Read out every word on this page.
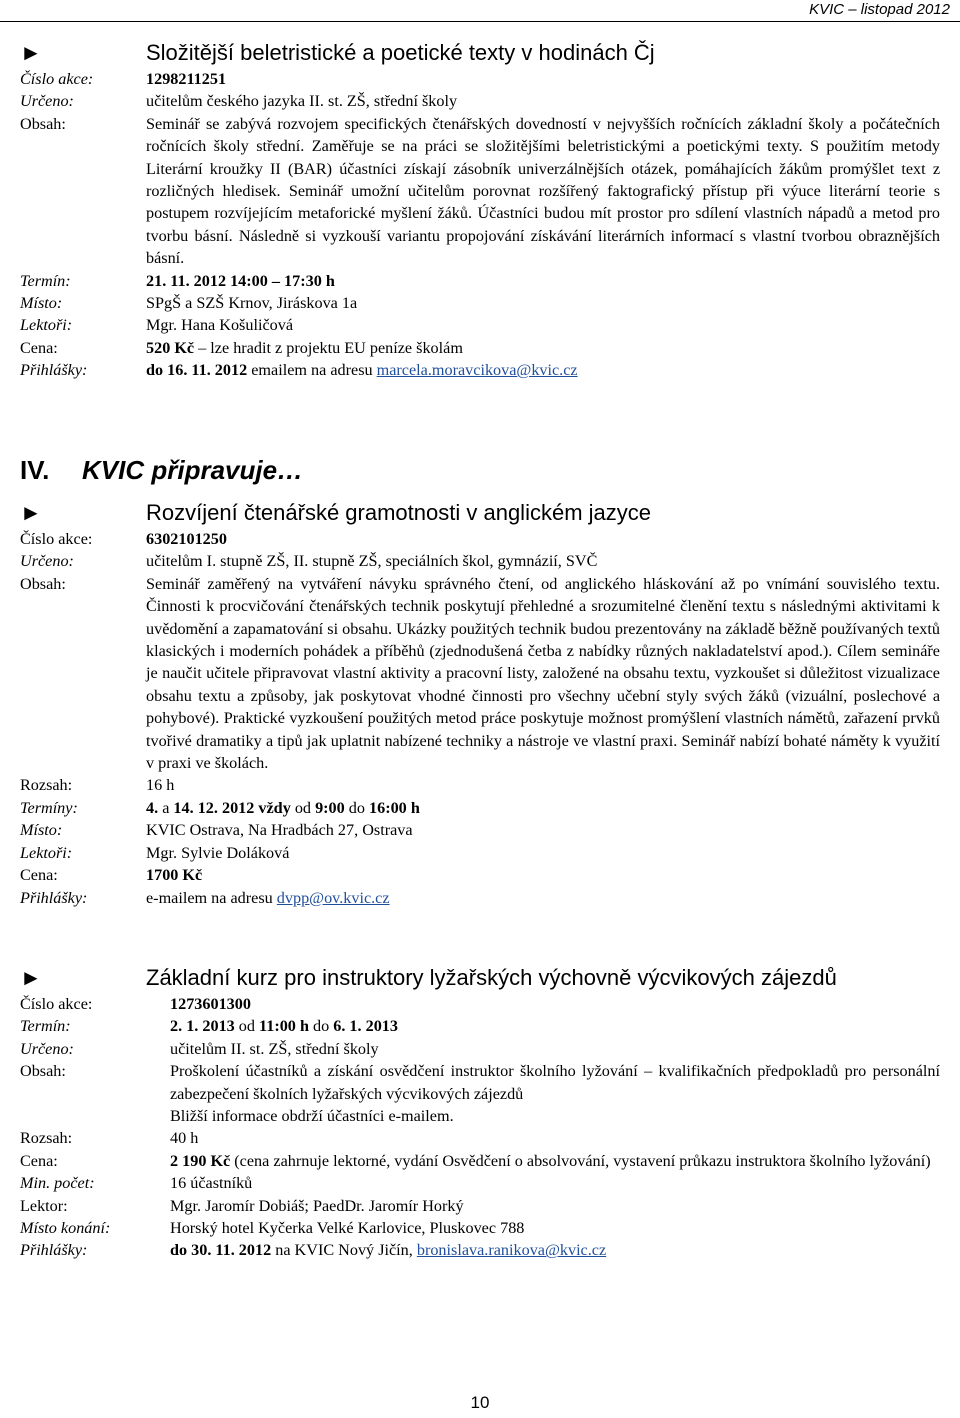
KVIC – listopad 2012
►	Složitější beletristické a poetické texty v hodinách Čj
Číslo akce:	1298211251
Určeno:	učitelům českého jazyka II. st. ZŠ, střední školy
Obsah:	Seminář se zabývá rozvojem specifických čtenářských dovedností v nejvyšších ročnících základní školy a počátečních ročnících školy střední. Zaměřuje se na práci se složitějšími beletristickými a poetickými texty. S použitím metody Literární kroužky II (BAR) účastníci získají zásobník univerzálnějších otázek, pomáhajících žákům promýšlet text z rozličných hledisek. Seminář umožní učitelům porovnat rozšířený faktografický přístup při výuce literární teorie s postupem rozvíjejícím metaforické myšlení žáků. Účastníci budou mít prostor pro sdílení vlastních nápadů a metod pro tvorbu básní. Následně si vyzkouší variantu propojování získávání literárních informací s vlastní tvorbou obraznějších básní.
Termín:	21. 11. 2012 14:00 – 17:30 h
Místo:	SPgŠ a SZŠ Krnov, Jiráskova 1a
Lektoři:	Mgr. Hana Košuličová
Cena:	520 Kč – lze hradit z projektu EU peníze školám
Přihlášky:	do 16. 11. 2012 emailem na adresu marcela.moravcikova@kvic.cz
IV.	KVIC připravuje…
►	Rozvíjení čtenářské gramotnosti v anglickém jazyce
Číslo akce:	6302101250
Určeno:	učitelům I. stupně ZŠ, II. stupně ZŠ, speciálních škol, gymnázií, SVČ
Obsah:	Seminář zaměřený na vytváření návyku správného čtení, od anglického hláskování až po vnímání souvislého textu. Činnosti k procvičování čtenářských technik poskytují přehledné a srozumitelné členění textu s následnými aktivitami k uvědomění a zapamatování si obsahu. Ukázky použitých technik budou prezentovány na základě běžně používaných textů klasických i moderních pohádek a příběhů (zjednodušená četba z nabídky různých nakladatelství apod.). Cílem semináře je naučit učitele připravovat vlastní aktivity a pracovní listy, založené na obsahu textu, vyzkoušet si důležitost vizualizace obsahu textu a způsoby, jak poskytovat vhodné činnosti pro všechny učební styly svých žáků (vizuální, poslechové a pohybové). Praktické vyzkoušení použitých metod práce poskytuje možnost promýšlení vlastních námětů, zařazení prvků tvořivé dramatiky a tipů jak uplatnit nabízené techniky a nástroje ve vlastní praxi. Seminář nabízí bohaté náměty k využití v praxi ve školách.
Rozsah:	16 h
Termíny:	4. a 14. 12. 2012 vždy od 9:00 do 16:00 h
Místo:	KVIC Ostrava, Na Hradbách 27, Ostrava
Lektoři:	Mgr. Sylvie Doláková
Cena:	1700 Kč
Přihlášky:	e-mailem na adresu dvpp@ov.kvic.cz
►	Základní kurz pro instruktory lyžařských výchovně výcvikových zájezdů
Číslo akce:	1273601300
Termín:	2. 1. 2013 od 11:00 h do 6. 1. 2013
Určeno:	učitelům II. st. ZŠ, střední školy
Obsah:	Proškolení účastníků a získání osvědčení instruktor školního lyžování – kvalifikačních předpokladů pro personální zabezpečení školních lyžařských výcvikových zájezdů
Bližší informace obdrží účastníci e-mailem.
Rozsah:	40 h
Cena:	2 190 Kč (cena zahrnuje lektorné, vydání Osvědčení o absolvování, vystavení průkazu instruktora školního lyžování)
Min. počet:	16 účastníků
Lektor:	Mgr. Jaromír Dobiáš; PaedDr. Jaromír Horký
Místo konání:	Horský hotel Kyčerka Velké Karlovice, Pluskovec 788
Přihlášky:	do 30. 11. 2012 na KVIC Nový Jičín, bronislava.ranikova@kvic.cz
10
